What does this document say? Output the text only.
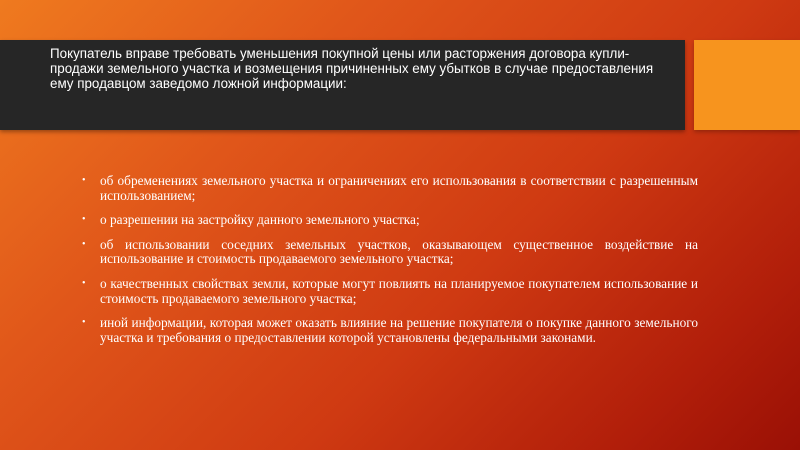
Покупатель вправе требовать уменьшения покупной цены или расторжения договора купли-продажи земельного участка и возмещения причиненных ему убытков в случае предоставления ему продавцом заведомо ложной информации:
• об обременениях земельного участка и ограничениях его использования в соответствии с разрешенным использованием;
• о разрешении на застройку данного земельного участка;
• об использовании соседних земельных участков, оказывающем существенное воздействие на использование и стоимость продаваемого земельного участка;
• о качественных свойствах земли, которые могут повлиять на планируемое покупателем использование и стоимость продаваемого земельного участка;
• иной информации, которая может оказать влияние на решение покупателя о покупке данного земельного участка и требования о предоставлении которой установлены федеральными законами.
